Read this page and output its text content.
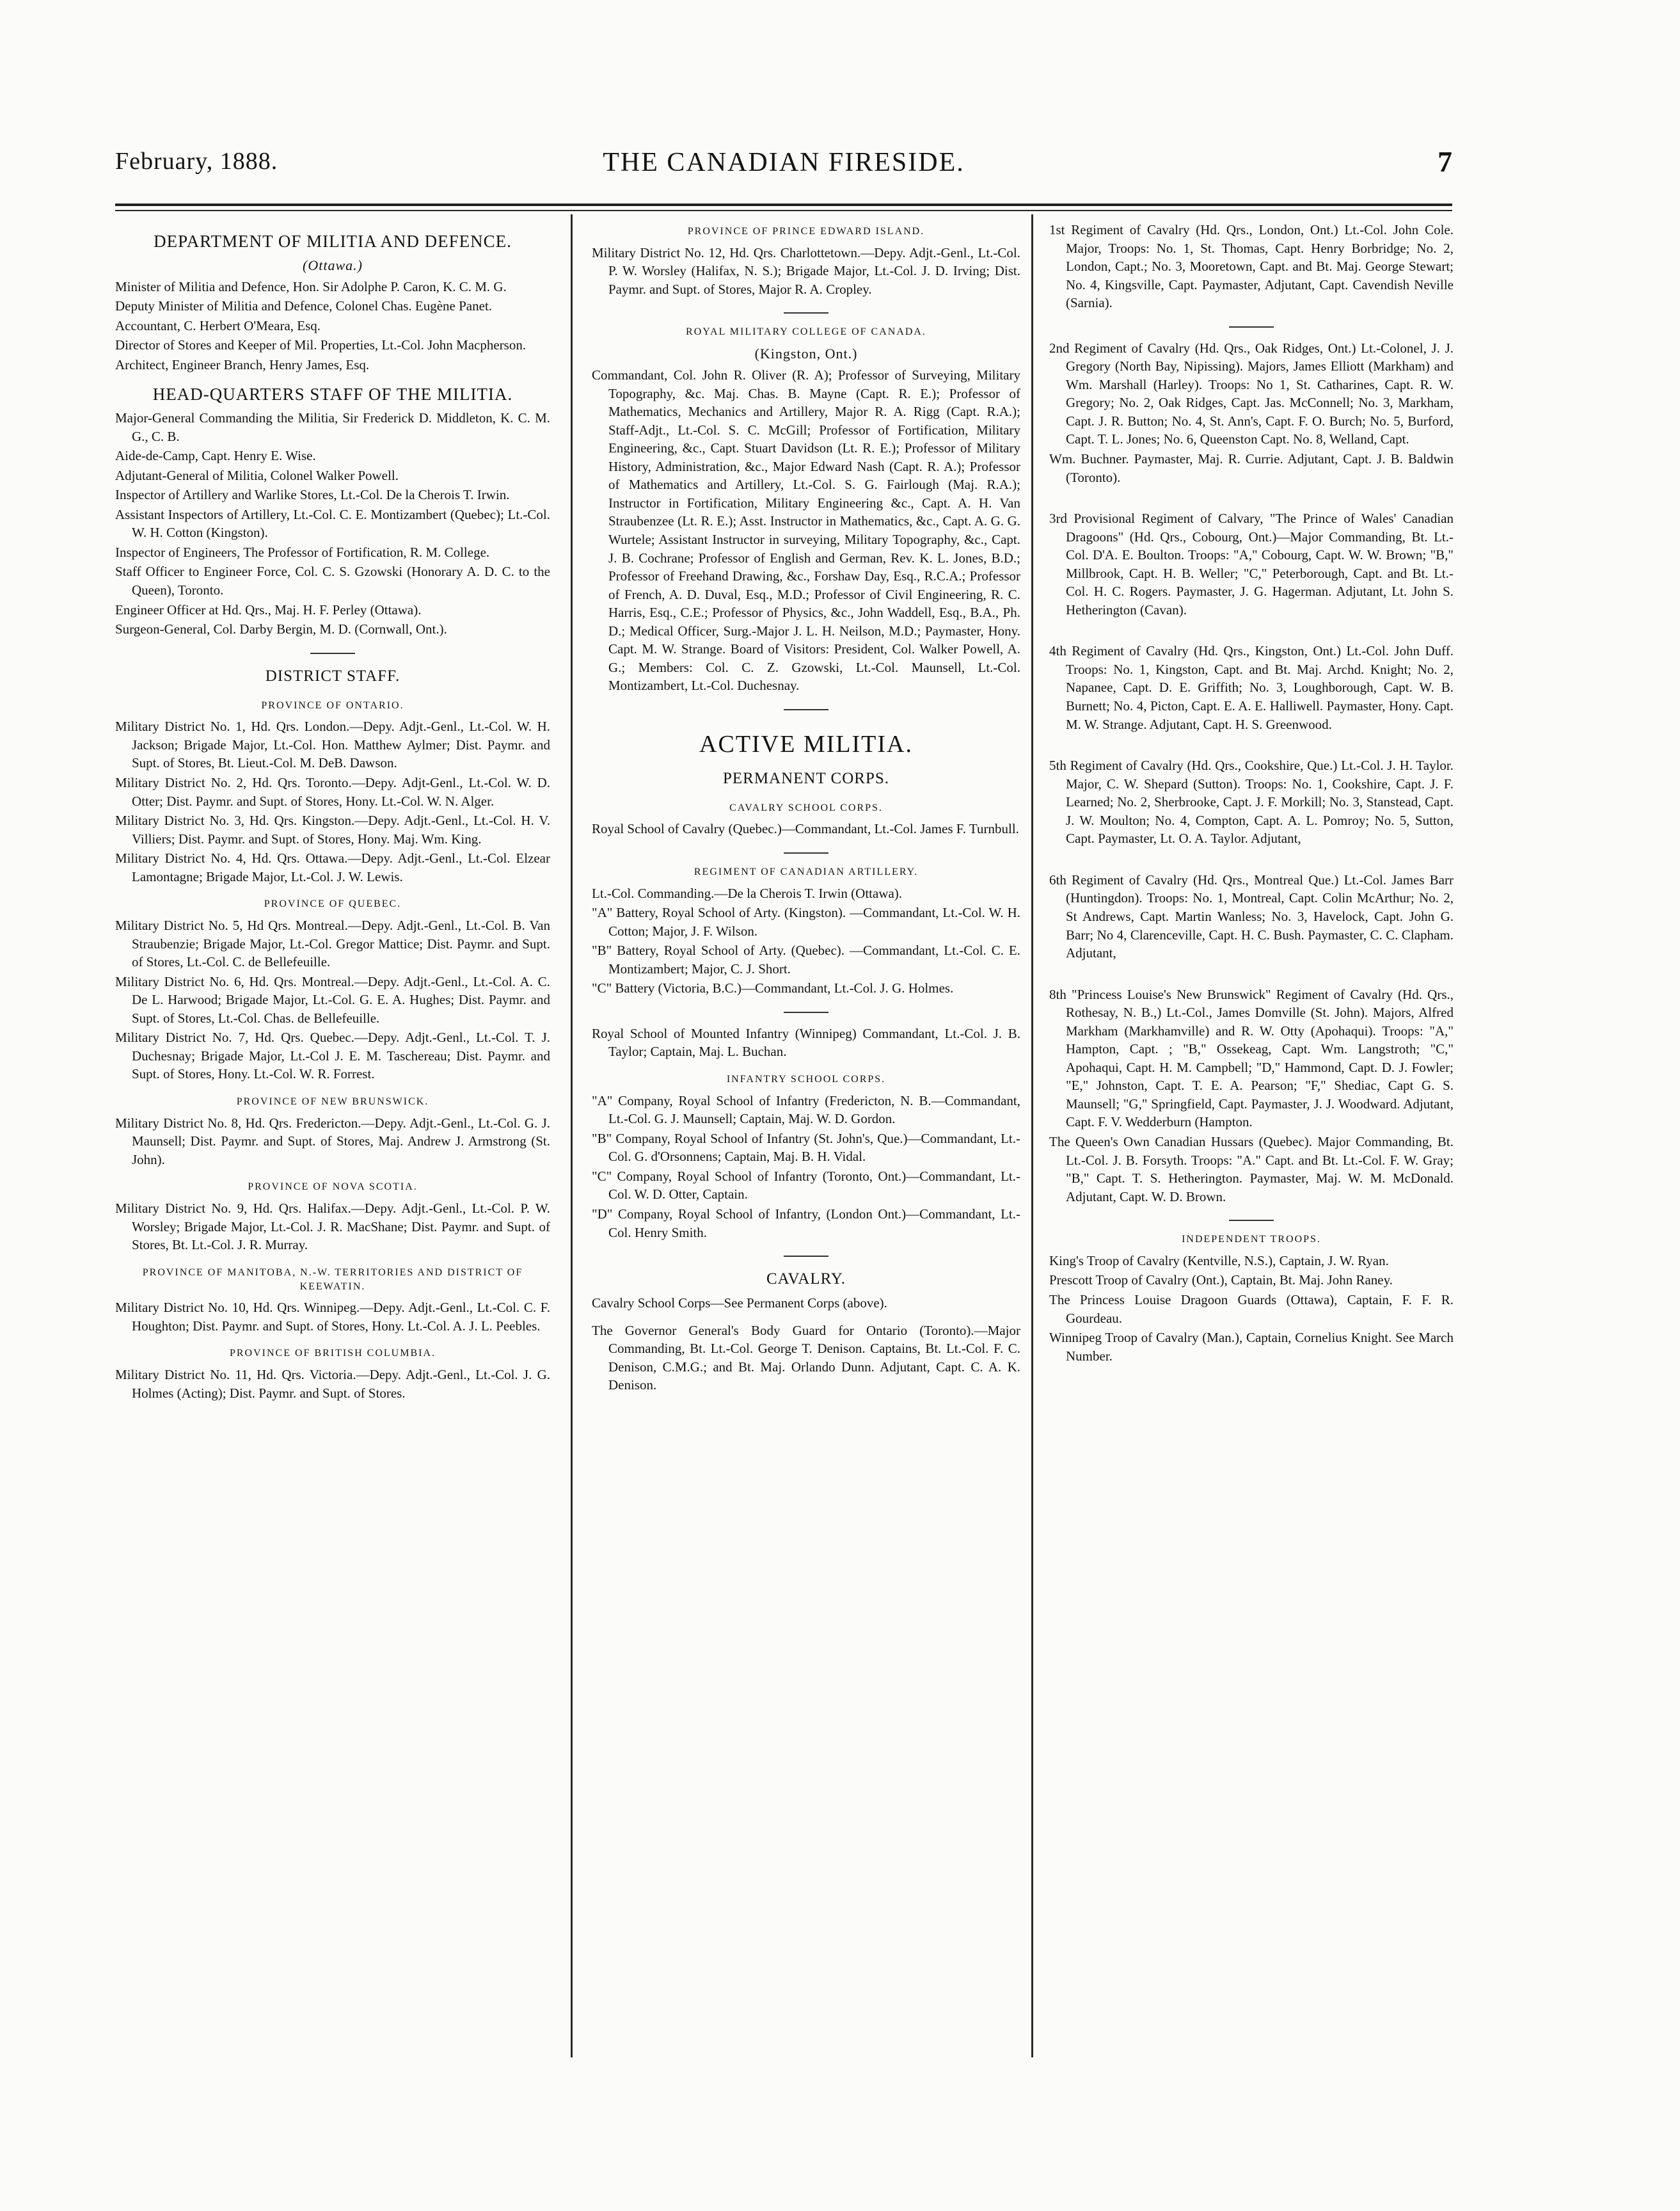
February, 1888.	THE CANADIAN FIRESIDE.	7
DEPARTMENT OF MILITIA AND DEFENCE.
(Ottawa.)
Minister of Militia and Defence, Hon. Sir Adolphe P. Caron, K. C. M. G.
Deputy Minister of Militia and Defence, Colonel Chas. Eugène Panet.
Accountant, C. Herbert O'Meara, Esq.
Director of Stores and Keeper of Mil. Properties, Lt.-Col. John Macpherson.
Architect, Engineer Branch, Henry James, Esq.
HEAD-QUARTERS STAFF OF THE MILITIA.
Major-General Commanding the Militia, Sir Frederick D. Middleton, K. C. M. G., C. B.
Aide-de-Camp, Capt. Henry E. Wise.
Adjutant-General of Militia, Colonel Walker Powell.
Inspector of Artillery and Warlike Stores, Lt.-Col. De la Cherois T. Irwin.
Assistant Inspectors of Artillery, Lt.-Col. C. E. Montizambert (Quebec); Lt.-Col. W. H. Cotton (Kingston).
Inspector of Engineers, The Professor of Fortification, R. M. College.
Staff Officer to Engineer Force, Col. C. S. Gzowski (Honorary A. D. C. to the Queen), Toronto.
Engineer Officer at Hd. Qrs., Maj. H. F. Perley (Ottawa).
Surgeon-General, Col. Darby Bergin, M. D. (Cornwall, Ont.).
DISTRICT STAFF.
PROVINCE OF ONTARIO.
Military District No. 1, Hd. Qrs. London.—Depy. Adjt.-Genl., Lt.-Col. W. H. Jackson; Brigade Major, Lt.-Col. Hon. Matthew Aylmer; Dist. Paymr. and Supt. of Stores, Bt. Lieut.-Col. M. DeB. Dawson.
Military District No. 2, Hd. Qrs. Toronto.—Depy. Adjt-Genl., Lt.-Col. W. D. Otter; Dist. Paymr. and Supt. of Stores, Hony. Lt.-Col. W. N. Alger.
Military District No. 3, Hd. Qrs. Kingston.—Depy. Adjt.-Genl., Lt.-Col. H. V. Villiers; Dist. Paymr. and Supt. of Stores, Hony. Maj. Wm. King.
Military District No. 4, Hd. Qrs. Ottawa.—Depy. Adjt.-Genl., Lt.-Col. Elzear Lamontagne; Brigade Major, Lt.-Col. J. W. Lewis.
PROVINCE OF QUEBEC.
Military District No. 5, Hd Qrs. Montreal.—Depy. Adjt.-Genl., Lt.-Col. B. Van Straubenzie; Brigade Major, Lt.-Col. Gregor Mattice; Dist. Paymr. and Supt. of Stores, Lt.-Col. C. de Bellefeuille.
Military District No. 6, Hd. Qrs. Montreal.—Depy. Adjt.-Genl., Lt.-Col. A. C. De L. Harwood; Brigade Major, Lt.-Col. G. E. A. Hughes; Dist. Paymr. and Supt. of Stores, Lt.-Col. Chas. de Bellefeuille.
Military District No. 7, Hd. Qrs. Quebec.—Depy. Adjt.-Genl., Lt.-Col. T. J. Duchesnay; Brigade Major, Lt.-Col J. E. M. Taschereau; Dist. Paymr. and Supt. of Stores, Hony. Lt.-Col. W. R. Forrest.
PROVINCE OF NEW BRUNSWICK.
Military District No. 8, Hd. Qrs. Fredericton.—Depy. Adjt.-Genl., Lt.-Col. G. J. Maunsell; Dist. Paymr. and Supt. of Stores, Maj. Andrew J. Armstrong (St. John).
PROVINCE OF NOVA SCOTIA.
Military District No. 9, Hd. Qrs. Halifax.—Depy. Adjt.-Genl., Lt.-Col. P. W. Worsley; Brigade Major, Lt.-Col. J. R. MacShane; Dist. Paymr. and Supt. of Stores, Bt. Lt.-Col. J. R. Murray.
PROVINCE OF MANITOBA, N.-W. TERRITORIES AND DISTRICT OF KEEWATIN.
Military District No. 10, Hd. Qrs. Winnipeg.—Depy. Adjt.-Genl., Lt.-Col. C. F. Houghton; Dist. Paymr. and Supt. of Stores, Hony. Lt.-Col. A. J. L. Peebles.
PROVINCE OF BRITISH COLUMBIA.
Military District No. 11, Hd. Qrs. Victoria.—Depy. Adjt.-Genl., Lt.-Col. J. G. Holmes (Acting); Dist. Paymr. and Supt. of Stores.
PROVINCE OF PRINCE EDWARD ISLAND.
Military District No. 12, Hd. Qrs. Charlottetown.—Depy. Adjt.-Genl., Lt.-Col. P. W. Worsley (Halifax, N. S.); Brigade Major, Lt.-Col. J. D. Irving; Dist. Paymr. and Supt. of Stores, Major R. A. Cropley.
ROYAL MILITARY COLLEGE OF CANADA.
(Kingston, Ont.)
Commandant, Col. John R. Oliver (R. A); Professor of Surveying, Military Topography, &c. Maj. Chas. B. Mayne (Capt. R. E.); Professor of Mathematics, Mechanics and Artillery, Major R. A. Rigg (Capt. R.A.); Staff-Adjt., Lt.-Col. S. C. McGill; Professor of Fortification, Military Engineering, &c., Capt. Stuart Davidson (Lt. R. E.); Professor of Military History, Administration, &c., Major Edward Nash (Capt. R. A.); Professor of Mathematics and Artillery, Lt.-Col. S. G. Fairlough (Maj. R.A.); Instructor in Fortification, Military Engineering &c., Capt. A. H. Van Straubenzee (Lt. R. E.); Asst. Instructor in Mathematics, &c., Capt. A. G. G. Wurtele; Assistant Instructor in surveying, Military Topography, &c., Capt. J. B. Cochrane; Professor of English and German, Rev. K. L. Jones, B.D.; Professor of Freehand Drawing, &c., Forshaw Day, Esq., R.C.A.; Professor of French, A. D. Duval, Esq., M.D.; Professor of Civil Engineering, R. C. Harris, Esq., C.E.; Professor of Physics, &c., John Waddell, Esq., B.A., Ph. D.; Medical Officer, Surg.-Major J. L. H. Neilson, M.D.; Paymaster, Hony. Capt. M. W. Strange. Board of Visitors: President, Col. Walker Powell, A. G.; Members: Col. C. Z. Gzowski, Lt.-Col. Maunsell, Lt.-Col. Montizambert, Lt.-Col. Duchesnay.
ACTIVE MILITIA.
PERMANENT CORPS.
CAVALRY SCHOOL CORPS.
Royal School of Cavalry (Quebec.)—Commandant, Lt.-Col. James F. Turnbull.
REGIMENT OF CANADIAN ARTILLERY.
Lt.-Col. Commanding.—De la Cherois T. Irwin (Ottawa).
"A" Battery, Royal School of Arty. (Kingston). —Commandant, Lt.-Col. W. H. Cotton; Major, J. F. Wilson.
"B" Battery, Royal School of Arty. (Quebec). —Commandant, Lt.-Col. C. E. Montizambert; Major, C. J. Short.
"C" Battery (Victoria, B.C.)—Commandant, Lt.-Col. J. G. Holmes.
Royal School of Mounted Infantry (Winnipeg) Commandant, Lt.-Col. J. B. Taylor; Captain, Maj. L. Buchan.
INFANTRY SCHOOL CORPS.
"A" Company, Royal School of Infantry (Fredericton, N. B.—Commandant, Lt.-Col. G. J. Maunsell; Captain, Maj. W. D. Gordon.
"B" Company, Royal School of Infantry (St. John's, Que.)—Commandant, Lt.-Col. G. d'Orsonnens; Captain, Maj. B. H. Vidal.
"C" Company, Royal School of Infantry (Toronto, Ont.)—Commandant, Lt.-Col. W. D. Otter, Captain.
"D" Company, Royal School of Infantry, (London Ont.)—Commandant, Lt.-Col. Henry Smith.
CAVALRY.
Cavalry School Corps—See Permanent Corps (above).
The Governor General's Body Guard for Ontario (Toronto).—Major Commanding, Bt. Lt.-Col. George T. Denison. Captains, Bt. Lt.-Col. F. C. Denison, C.M.G.; and Bt. Maj. Orlando Dunn. Adjutant, Capt. C. A. K. Denison.
1st Regiment of Cavalry (Hd. Qrs., London, Ont.) Lt.-Col. John Cole. Major, Troops: No. 1, St. Thomas, Capt. Henry Borbridge; No. 2, London, Capt.; No. 3, Mooretown, Capt. and Bt. Maj. George Stewart; No. 4, Kingsville, Capt. Paymaster, Adjutant, Capt. Cavendish Neville (Sarnia).
2nd Regiment of Cavalry (Hd. Qrs., Oak Ridges, Ont.) Lt.-Colonel, J. J. Gregory (North Bay, Nipissing). Majors, James Elliott (Markham) and Wm. Marshall (Harley). Troops: No 1, St. Catharines, Capt. R. W. Gregory; No. 2, Oak Ridges, Capt. Jas. McConnell; No. 3, Markham, Capt. J. R. Button; No. 4, St. Ann's, Capt. F. O. Burch; No. 5, Burford, Capt. T. L. Jones; No. 6, Queenston Capt. No. 8, Welland, Capt.
Wm. Buchner. Paymaster, Maj. R. Currie. Adjutant, Capt. J. B. Baldwin (Toronto).
3rd Provisional Regiment of Calvary, "The Prince of Wales' Canadian Dragoons" (Hd. Qrs., Cobourg, Ont.)—Major Commanding, Bt. Lt.-Col. D'A. E. Boulton. Troops: "A," Cobourg, Capt. W. W. Brown; "B," Millbrook, Capt. H. B. Weller; "C," Peterborough, Capt. and Bt. Lt.-Col. H. C. Rogers. Paymaster, J. G. Hagerman. Adjutant, Lt. John S. Hetherington (Cavan).
4th Regiment of Cavalry (Hd. Qrs., Kingston, Ont.) Lt.-Col. John Duff. Troops: No. 1, Kingston, Capt. and Bt. Maj. Archd. Knight; No. 2, Napanee, Capt. D. E. Griffith; No. 3, Loughborough, Capt. W. B. Burnett; No. 4, Picton, Capt. E. A. E. Halliwell. Paymaster, Hony. Capt. M. W. Strange. Adjutant, Capt. H. S. Greenwood.
5th Regiment of Cavalry (Hd. Qrs., Cookshire, Que.) Lt.-Col. J. H. Taylor. Major, C. W. Shepard (Sutton). Troops: No. 1, Cookshire, Capt. J. F. Learned; No. 2, Sherbrooke, Capt. J. F. Morkill; No. 3, Stanstead, Capt. J. W. Moulton; No. 4, Compton, Capt. A. L. Pomroy; No. 5, Sutton, Capt. Paymaster, Lt. O. A. Taylor. Adjutant,
6th Regiment of Cavalry (Hd. Qrs., Montreal Que.) Lt.-Col. James Barr (Huntingdon). Troops: No. 1, Montreal, Capt. Colin McArthur; No. 2, St Andrews, Capt. Martin Wanless; No. 3, Havelock, Capt. John G. Barr; No 4, Clarenceville, Capt. H. C. Bush. Paymaster, C. C. Clapham. Adjutant,
8th "Princess Louise's New Brunswick" Regiment of Cavalry (Hd. Qrs., Rothesay, N. B.,) Lt.-Col., James Domville (St. John). Majors, Alfred Markham (Markhamville) and R. W. Otty (Apohaqui). Troops: "A," Hampton, Capt. ; "B," Ossekeag, Capt. Wm. Langstroth; "C," Apohaqui, Capt. H. M. Campbell; "D," Hammond, Capt. D. J. Fowler; "E," Johnston, Capt. T. E. A. Pearson; "F," Shediac, Capt G. S. Maunsell; "G," Springfield, Capt. Paymaster, J. J. Woodward. Adjutant, Capt. F. V. Wedderburn (Hampton.
The Queen's Own Canadian Hussars (Quebec). Major Commanding, Bt. Lt.-Col. J. B. Forsyth. Troops: "A." Capt. and Bt. Lt.-Col. F. W. Gray; "B," Capt. T. S. Hetherington. Paymaster, Maj. W. M. McDonald. Adjutant, Capt. W. D. Brown.
INDEPENDENT TROOPS.
King's Troop of Cavalry (Kentville, N.S.), Captain, J. W. Ryan.
Prescott Troop of Cavalry (Ont.), Captain, Bt. Maj. John Raney.
The Princess Louise Dragoon Guards (Ottawa), Captain, F. F. R. Gourdeau.
Winnipeg Troop of Cavalry (Man.), Captain, Cornelius Knight. See March Number.
